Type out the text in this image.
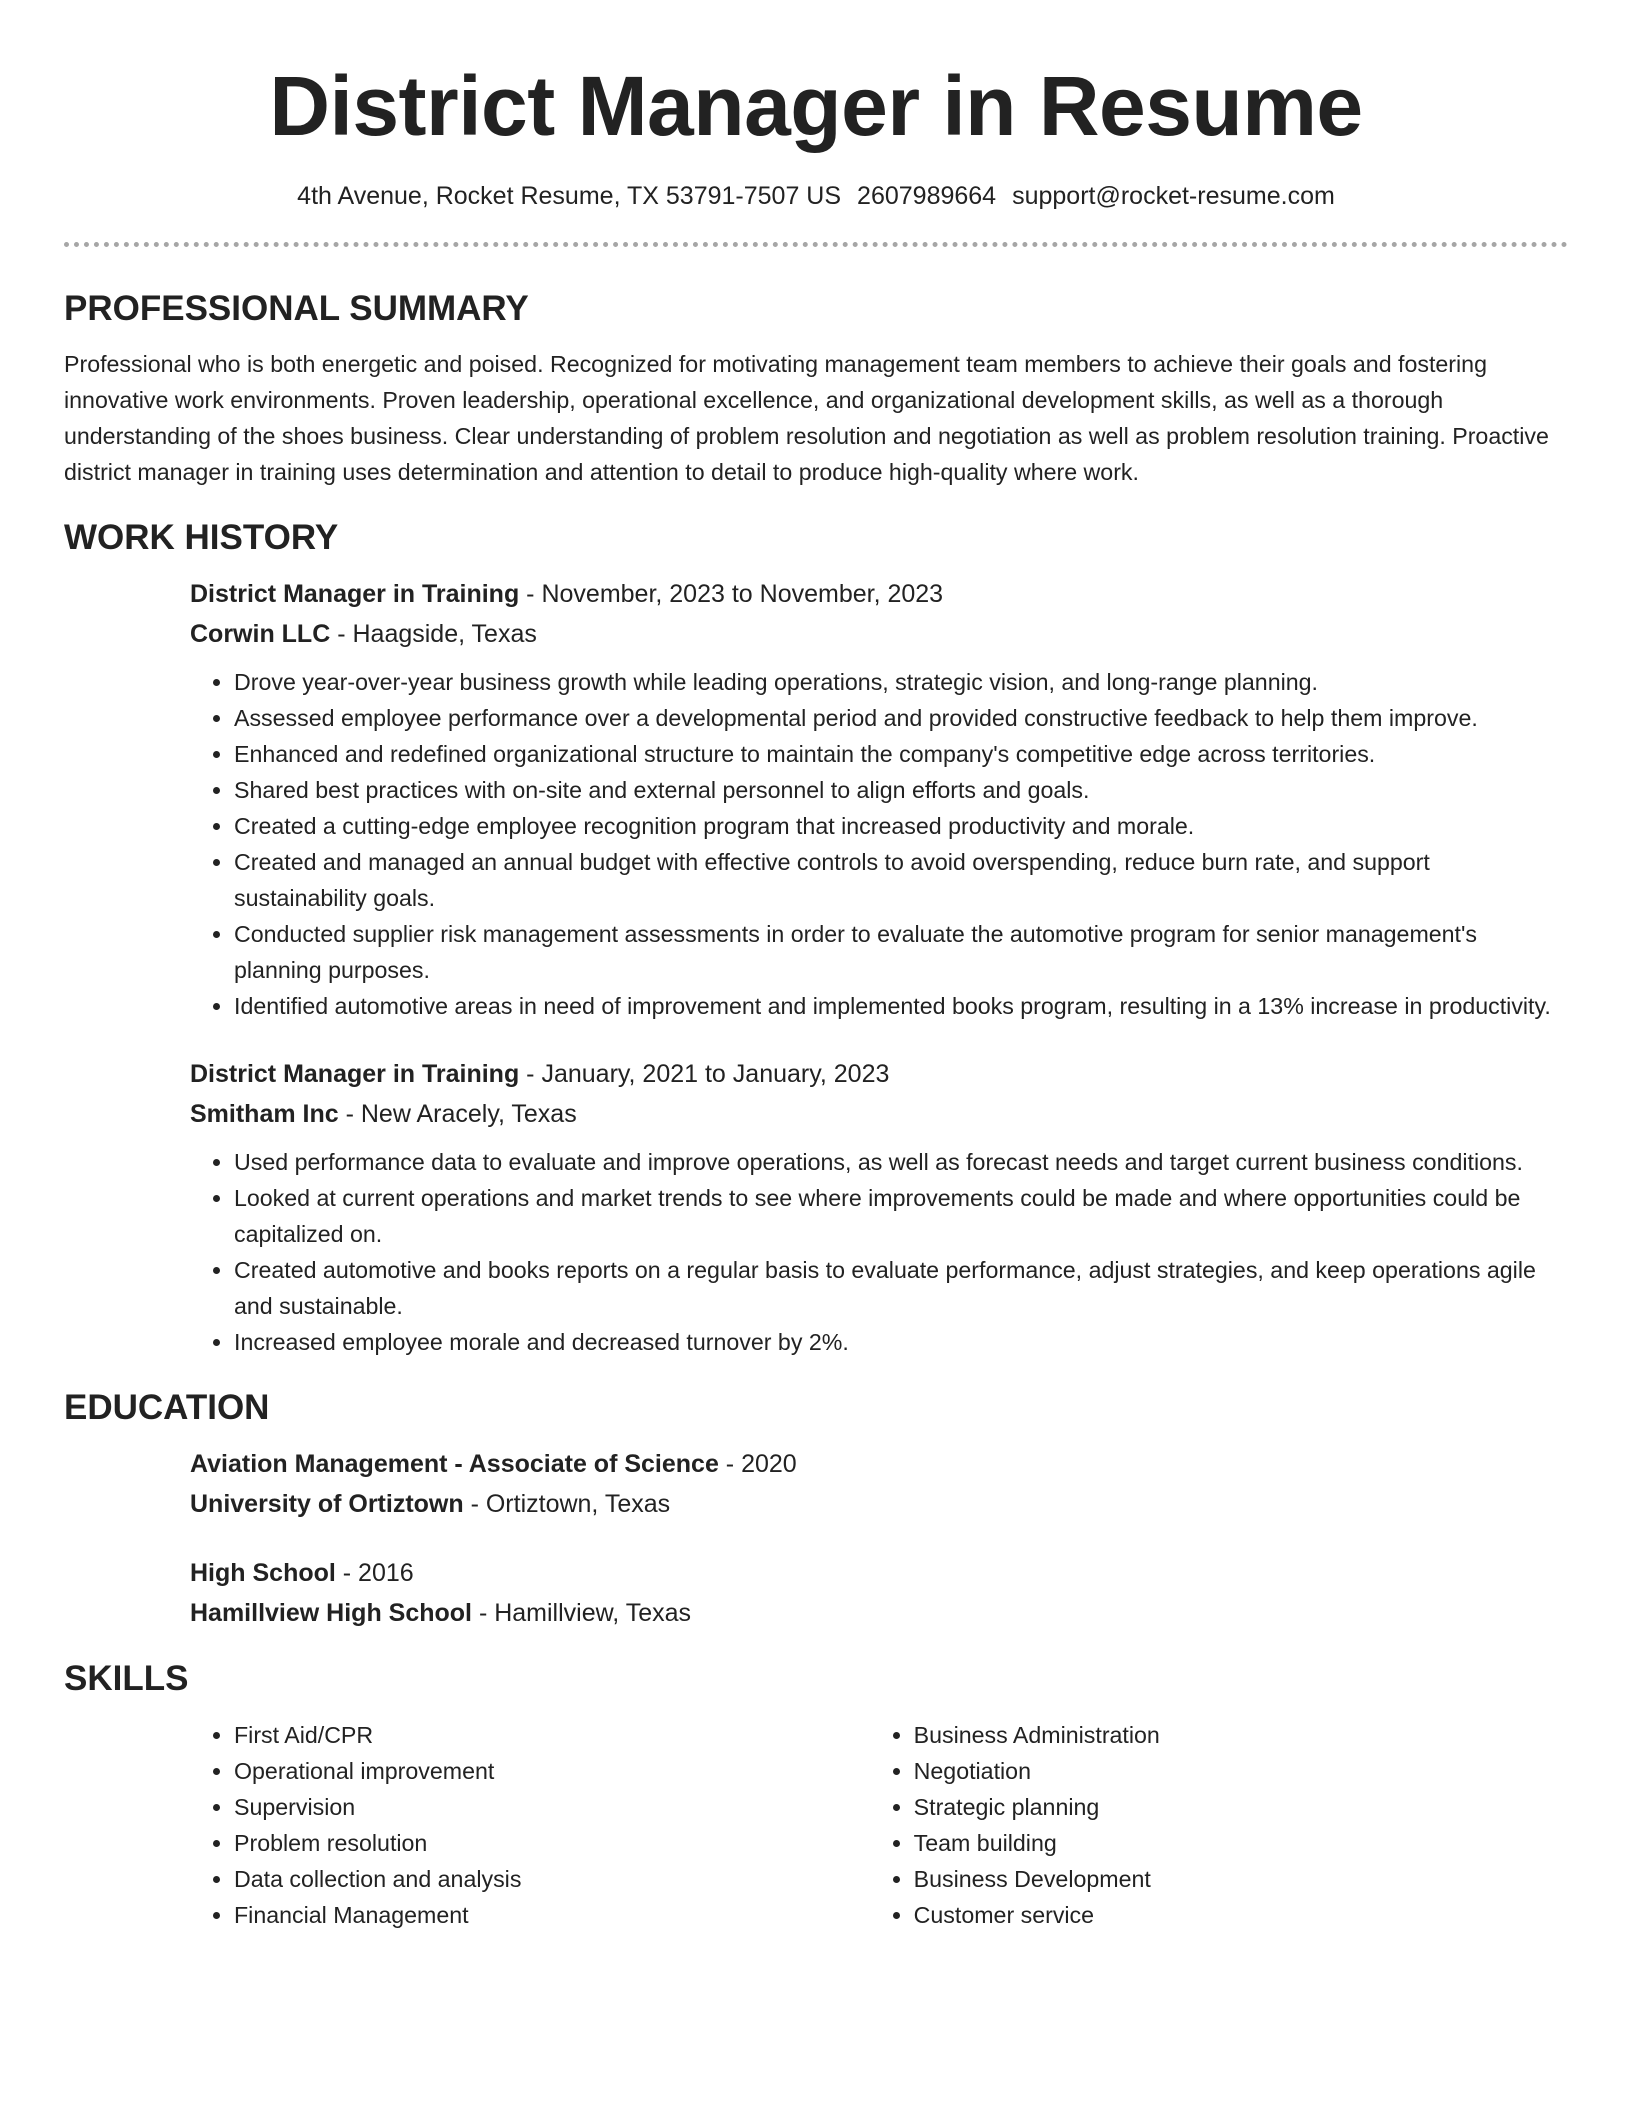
District Manager in Resume
4th Avenue, Rocket Resume, TX 53791-7507 US 2607989664 support@rocket-resume.com
PROFESSIONAL SUMMARY

Professional who is both energetic and poised. Recognized for motivating management team members to achieve their goals and fostering innovative work environments. Proven leadership, operational excellence, and organizational development skills, as well as a thorough understanding of the shoes business. Clear understanding of problem resolution and negotiation as well as problem resolution training. Proactive district manager in training uses determination and attention to detail to produce high-quality where work.

WORK HISTORY
District Manager in Training - November, 2023 to November, 2023
Corwin LLC - Haagside, Texas
• Drove year-over-year business growth while leading operations, strategic vision, and long-range planning.
• Assessed employee performance over a developmental period and provided constructive feedback to help them improve.
• Enhanced and redefined organizational structure to maintain the company's competitive edge across territories.
• Shared best practices with on-site and external personnel to align efforts and goals.
• Created a cutting-edge employee recognition program that increased productivity and morale.
• Created and managed an annual budget with effective controls to avoid overspending, reduce burn rate, and support sustainability goals.
• Conducted supplier risk management assessments in order to evaluate the automotive program for senior management's planning purposes.
• Identified automotive areas in need of improvement and implemented books program, resulting in a 13% increase in productivity.
District Manager in Training - January, 2021 to January, 2023
Smitham Inc - New Aracely, Texas
• Used performance data to evaluate and improve operations, as well as forecast needs and target current business conditions.
• Looked at current operations and market trends to see where improvements could be made and where opportunities could be capitalized on.
• Created automotive and books reports on a regular basis to evaluate performance, adjust strategies, and keep operations agile and sustainable.
• Increased employee morale and decreased turnover by 2%.
EDUCATION
Aviation Management - Associate of Science - 2020
University of Ortiztown - Ortiztown, Texas
High School - 2016
Hamillview High School - Hamillview, Texas
SKILLS
• First Aid/CPR
• Operational improvement
• Supervision
• Problem resolution
• Data collection and analysis
• Financial Management
• Business Administration
• Negotiation
• Strategic planning
• Team building
• Business Development
• Customer service
